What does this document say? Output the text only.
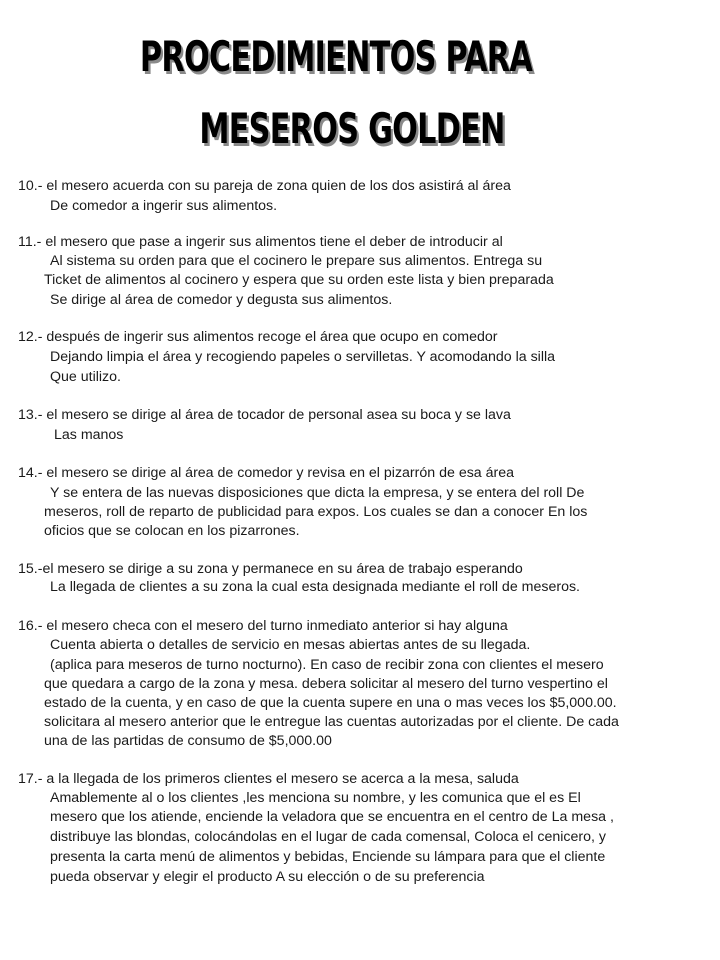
PROCEDIMIENTOS PARA
MESEROS GOLDEN

10.- el mesero acuerda con su pareja de zona quien de los dos asistirá al área

De comedor a ingerir sus alimentos.

11.- el mesero que pase a ingerir sus alimentos tiene el deber de introducir al

Al sistema su orden para que el cocinero le prepare sus alimentos. Entrega su

Ticket de alimentos al cocinero y espera que su orden este lista y bien preparada

Se dirige al área de comedor y degusta sus alimentos.

12.- después de ingerir sus alimentos recoge el área que ocupo en comedor

Dejando limpia el área y recogiendo papeles o servilletas. Y acomodando la silla

Que utilizo.

13.- el mesero se dirige al área de tocador de personal asea su boca y se lava

Las manos

14.- el mesero se dirige al área de comedor y revisa en el pizarrón de esa área

Y se entera de las nuevas disposiciones que dicta la empresa, y se entera del roll De

meseros, roll de reparto de publicidad para expos. Los cuales se dan a conocer En los

oficios que se colocan en los pizarrones.

15.-el mesero se dirige a su zona y permanece en su área de trabajo esperando

La llegada de clientes a su zona la cual esta designada mediante el roll de meseros.

16.- el mesero checa con el mesero del turno inmediato anterior si hay alguna

Cuenta abierta o detalles de servicio en mesas abiertas antes de su llegada.

(aplica para meseros de turno nocturno). En caso de recibir zona con clientes el mesero

que quedara a cargo de la zona y mesa. debera solicitar al mesero del turno vespertino el

estado de la cuenta, y en caso de que la cuenta supere en una o mas veces los $5,000.00.

solicitara al mesero anterior que le entregue las cuentas autorizadas por el cliente. De cada

una de las partidas de consumo de $5,000.00

17.- a la llegada de los primeros clientes el mesero se acerca a la mesa, saluda

Amablemente al o los clientes ,les menciona su nombre, y les comunica que el es El

mesero que los atiende, enciende la veladora que se encuentra en el centro de La mesa ,

distribuye las blondas, colocándolas en el lugar de cada comensal, Coloca el cenicero, y

presenta la carta menú de alimentos y bebidas, Enciende su lámpara para que el cliente

pueda observar y elegir el producto A su elección o de su preferencia
